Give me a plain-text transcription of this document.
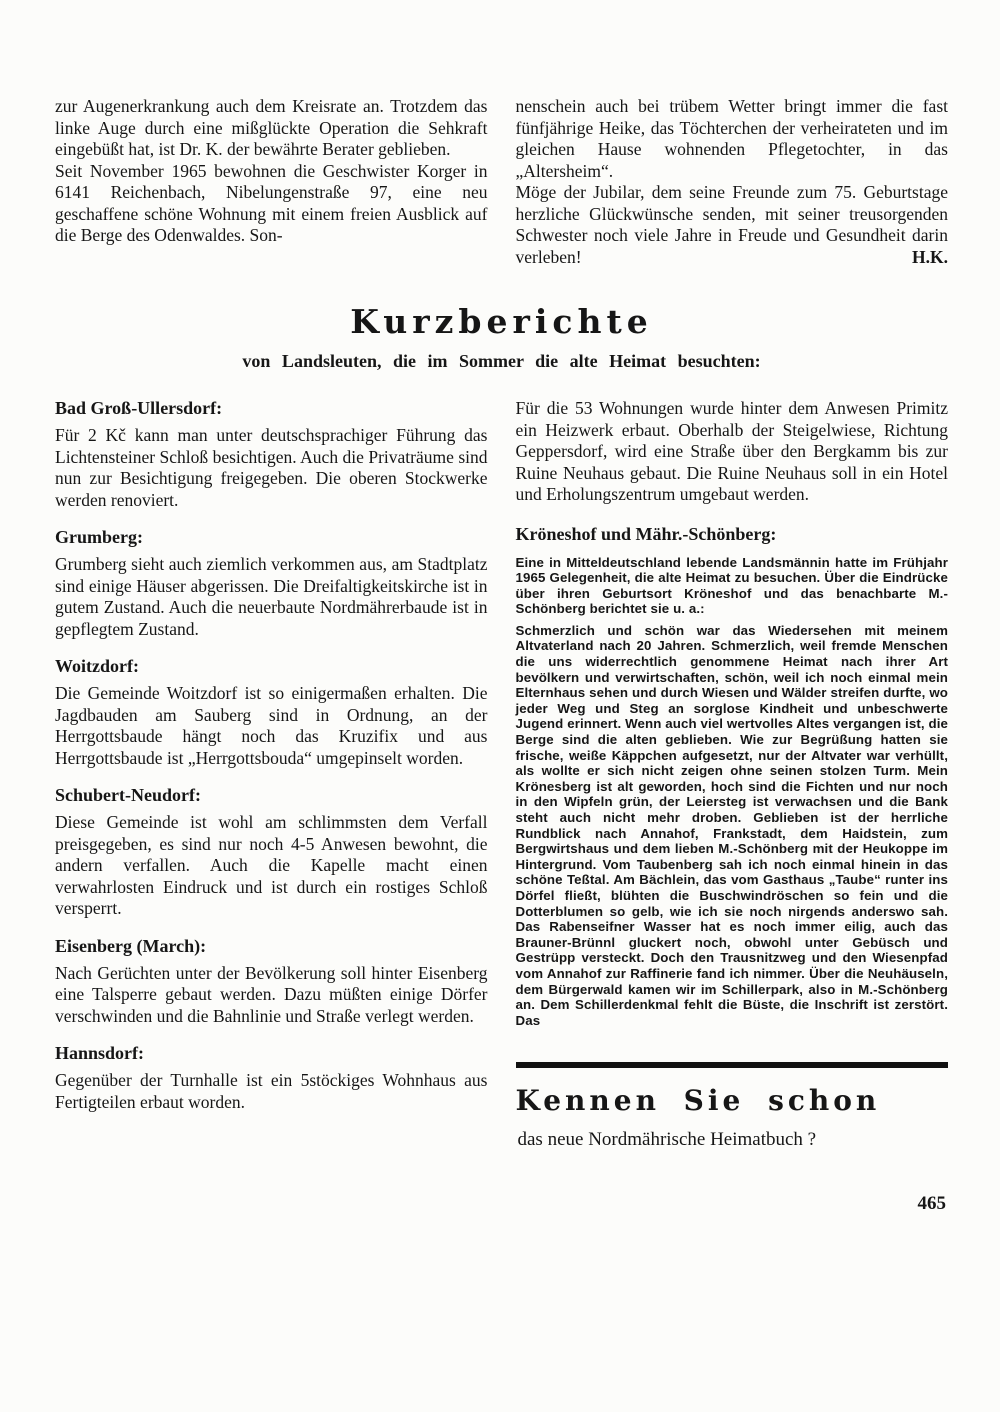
zur Augenerkrankung auch dem Kreisrate an. Trotzdem das linke Auge durch eine mißglückte Operation die Sehkraft eingebüßt hat, ist Dr. K. der bewährte Berater geblieben.

Seit November 1965 bewohnen die Geschwister Korger in 6141 Reichenbach, Nibelungenstraße 97, eine neu geschaffene schöne Wohnung mit einem freien Ausblick auf die Berge des Odenwaldes. Son-

nenschein auch bei trübem Wetter bringt immer die fast fünfjährige Heike, das Töchterchen der verheirateten und im gleichen Hause wohnenden Pflegetochter, in das „Altersheim“.

Möge der Jubilar, dem seine Freunde zum 75. Geburtstage herzliche Glückwünsche senden, mit seiner treusorgenden Schwester noch viele Jahre in Freude und Gesundheit darin verleben!	H.K.

Kurzberichte

von Landsleuten, die im Sommer die alte Heimat besuchten:

Bad Groß-Ullersdorf:

Für 2 Kč kann man unter deutschsprachiger Führung das Lichtensteiner Schloß besichtigen. Auch die Privaträume sind nun zur Besichtigung freigegeben. Die oberen Stockwerke werden renoviert.

Grumberg:

Grumberg sieht auch ziemlich verkommen aus, am Stadtplatz sind einige Häuser abgerissen. Die Dreifaltigkeitskirche ist in gutem Zustand. Auch die neuerbaute Nordmährerbaude ist in gepflegtem Zustand.

Woitzdorf:

Die Gemeinde Woitzdorf ist so einigermaßen erhalten. Die Jagdbauden am Sauberg sind in Ordnung, an der Herrgottsbaude hängt noch das Kruzifix und aus Herrgottsbaude ist „Herrgottsbouda“ umgepinselt worden.

Schubert-Neudorf:

Diese Gemeinde ist wohl am schlimmsten dem Verfall preisgegeben, es sind nur noch 4-5 Anwesen bewohnt, die andern verfallen. Auch die Kapelle macht einen verwahrlosten Eindruck und ist durch ein rostiges Schloß versperrt.

Eisenberg (March):

Nach Gerüchten unter der Bevölkerung soll hinter Eisenberg eine Talsperre gebaut werden. Dazu müßten einige Dörfer verschwinden und die Bahnlinie und Straße verlegt werden.

Hannsdorf:

Gegenüber der Turnhalle ist ein 5stöckiges Wohnhaus aus Fertigteilen erbaut worden.

Für die 53 Wohnungen wurde hinter dem Anwesen Primitz ein Heizwerk erbaut. Oberhalb der Steigelwiese, Richtung Geppersdorf, wird eine Straße über den Bergkamm bis zur Ruine Neuhaus gebaut. Die Ruine Neuhaus soll in ein Hotel und Erholungszentrum umgebaut werden.

Kröneshof und Mähr.-Schönberg:

Eine in Mitteldeutschland lebende Landsmännin hatte im Frühjahr 1965 Gelegenheit, die alte Heimat zu besuchen. Über die Eindrücke über ihren Geburtsort Kröneshof und das benachbarte M.-Schönberg berichtet sie u. a.:

Schmerzlich und schön war das Wiedersehen mit meinem Altvaterland nach 20 Jahren. Schmerzlich, weil fremde Menschen die uns widerrechtlich genommene Heimat nach ihrer Art bevölkern und verwirtschaften, schön, weil ich noch einmal mein Elternhaus sehen und durch Wiesen und Wälder streifen durfte, wo jeder Weg und Steg an sorglose Kindheit und unbeschwerte Jugend erinnert. Wenn auch viel wertvolles Altes vergangen ist, die Berge sind die alten geblieben. Wie zur Begrüßung hatten sie frische, weiße Käppchen aufgesetzt, nur der Altvater war verhüllt, als wollte er sich nicht zeigen ohne seinen stolzen Turm. Mein Krönesberg ist alt geworden, hoch sind die Fichten und nur noch in den Wipfeln grün, der Leiersteg ist verwachsen und die Bank steht auch nicht mehr droben. Geblieben ist der herrliche Rundblick nach Annahof, Frankstadt, dem Haidstein, zum Bergwirtshaus und dem lieben M.-Schönberg mit der Heukoppe im Hintergrund. Vom Taubenberg sah ich noch einmal hinein in das schöne Teßtal. Am Bächlein, das vom Gasthaus „Taube“ runter ins Dörfel fließt, blühten die Buschwindröschen so fein und die Dotterblumen so gelb, wie ich sie noch nirgends anderswo sah. Das Rabenseifner Wasser hat es noch immer eilig, auch das Brauner-Brünnl gluckert noch, obwohl unter Gebüsch und Gestrüpp versteckt. Doch den Trausnitzweg und den Wiesenpfad vom Annahof zur Raffinerie fand ich nimmer. Über die Neuhäuseln, dem Bürgerwald kamen wir im Schillerpark, also in M.-Schönberg an. Dem Schillerdenkmal fehlt die Büste, die Inschrift ist zerstört. Das

Kennen Sie schon

das neue Nordmährische Heimatbuch ?

465
